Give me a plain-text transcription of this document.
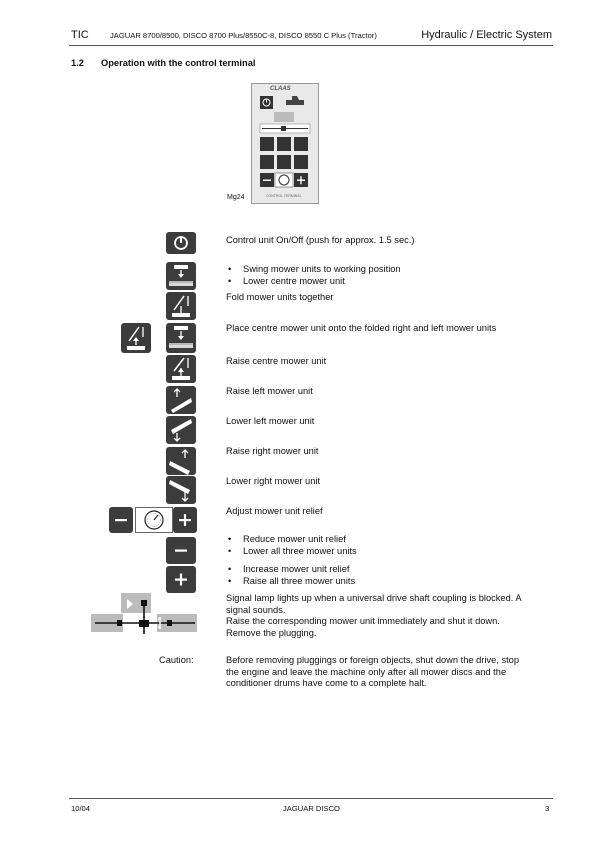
TIC	JAGUAR 8700/8500, DISCO 8700 Plus/8550C-8, DISCO 8550 C Plus (Tractor)	Hydraulic / Electric System
1.2 Operation with the control terminal
CLAAS
CONTROL TERMINAL
Mg24
Control unit On/Off (push for approx. 1.5 sec.)
• Swing mower units to working position
• Lower centre mower unit
Fold mower units together
Place centre mower unit onto the folded right and left mower units
Raise centre mower unit
Raise left mower unit
Lower left mower unit
Raise right mower unit
Lower right mower unit
Adjust mower unit relief
• Reduce mower unit relief
• Lower all three mower units
• Increase mower unit relief
• Raise all three mower units
Signal lamp lights up when a universal drive shaft coupling is blocked. A
signal sounds.
Raise the corresponding mower unit immediately and shut it down.
Remove the plugging.
Caution:	Before removing pluggings or foreign objects, shut down the drive, stop
the engine and leave the machine only after all mower discs and the
conditioner drums have come to a complete halt.
10/04	JAGUAR DISCO	3
